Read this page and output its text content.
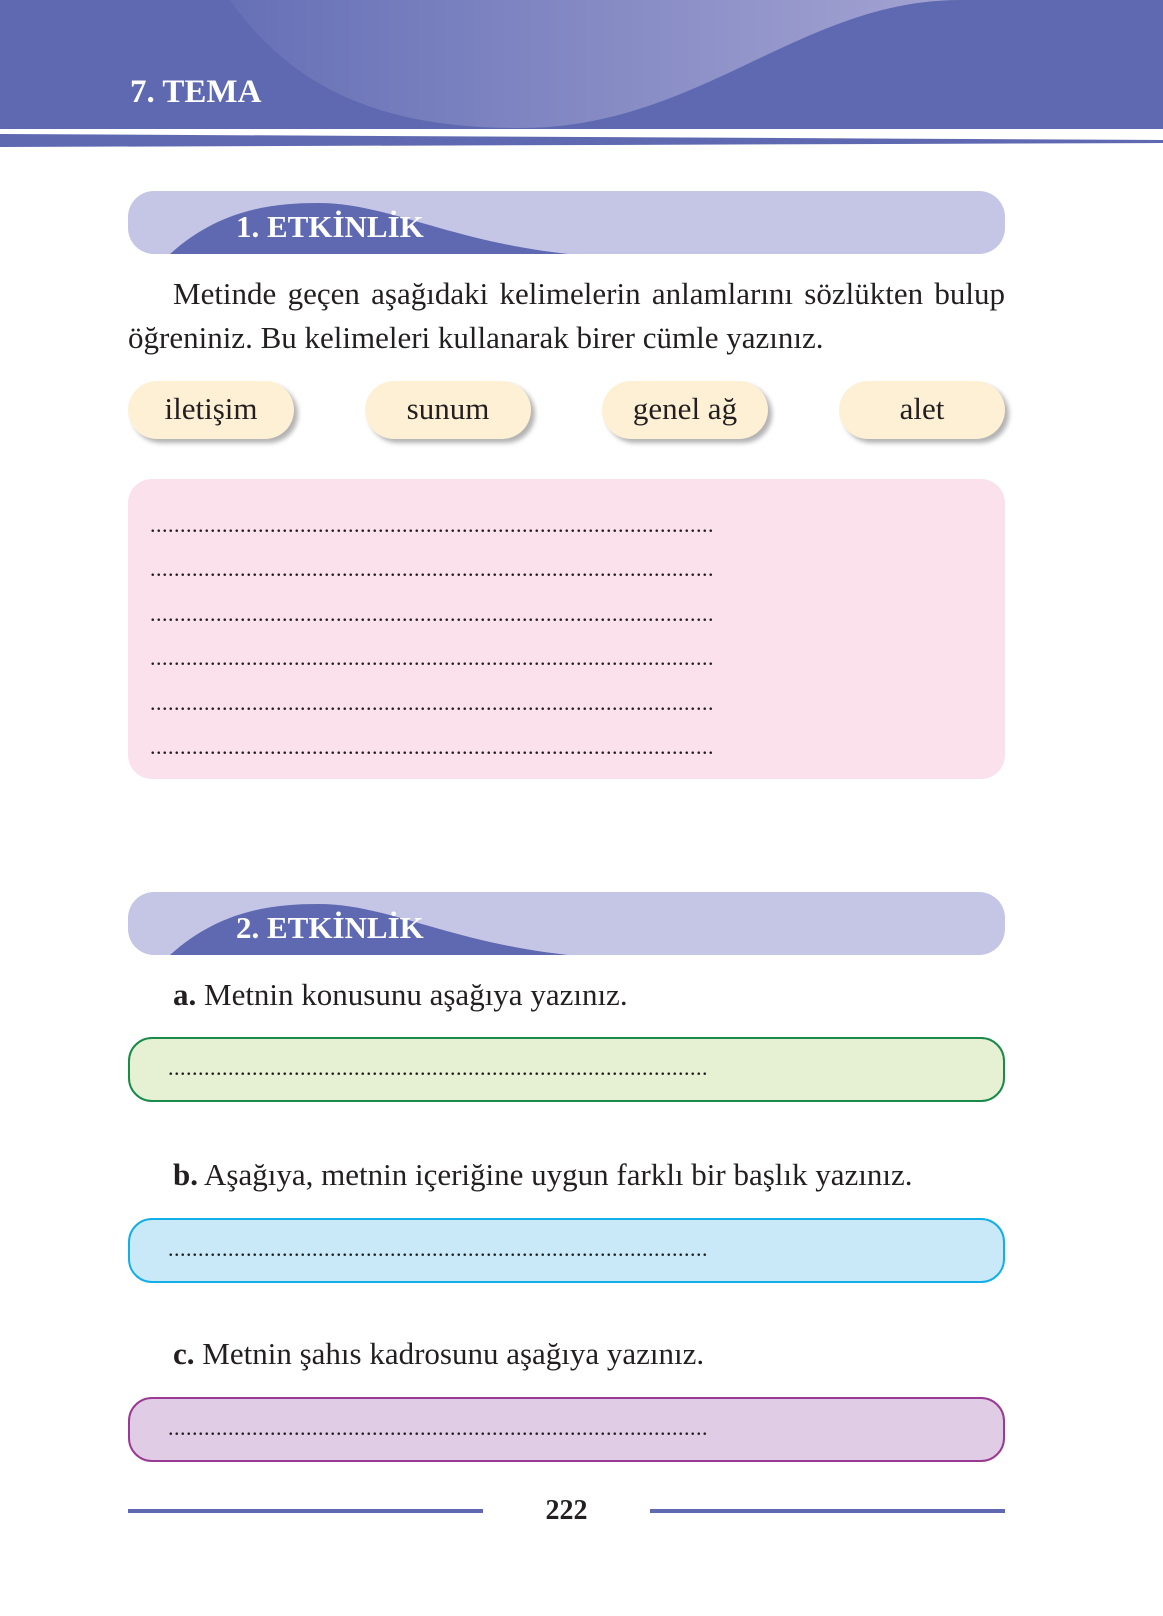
7. TEMA
1. ETKİNLİK
Metinde geçen aşağıdaki kelimelerin anlamlarını sözlükten bulup öğreniniz. Bu kelimeleri kullanarak birer cümle yazınız.
iletişim	sunum	genel ağ	alet
..............................................................................................
..............................................................................................
..............................................................................................
..............................................................................................
..............................................................................................
..............................................................................................
2. ETKİNLİK
a. Metnin konusunu aşağıya yazınız.
..........................................................................................
b. Aşağıya, metnin içeriğine uygun farklı bir başlık yazınız.
..........................................................................................
c. Metnin şahıs kadrosunu aşağıya yazınız.
..........................................................................................
222
